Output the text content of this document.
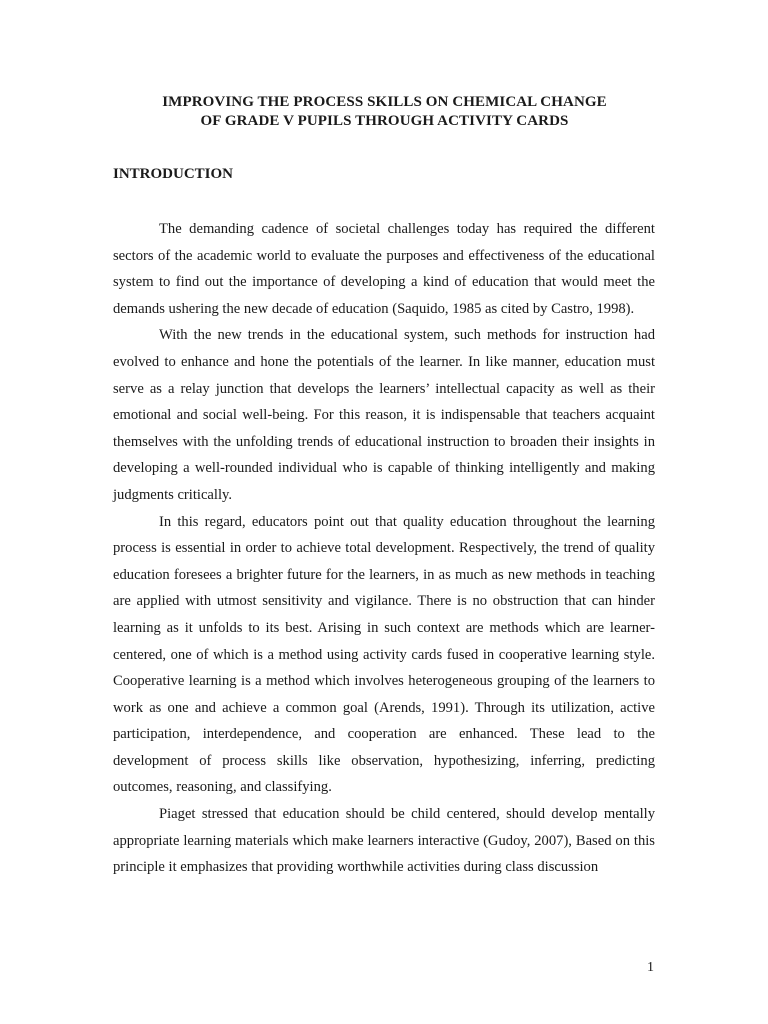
IMPROVING THE PROCESS SKILLS ON CHEMICAL CHANGE
OF GRADE V PUPILS THROUGH ACTIVITY CARDS
INTRODUCTION

The demanding cadence of societal challenges today has required the different sectors of the academic world to evaluate the purposes and effectiveness of the educational system to find out the importance of developing a kind of education that would meet the demands ushering the new decade of education (Saquido, 1985 as cited by Castro, 1998).

With the new trends in the educational system, such methods for instruction had evolved to enhance and hone the potentials of the learner. In like manner, education must serve as a relay junction that develops the learners’ intellectual capacity as well as their emotional and social well-being. For this reason, it is indispensable that teachers acquaint themselves with the unfolding trends of educational instruction to broaden their insights in developing a well-rounded individual who is capable of thinking intelligently and making judgments critically.

In this regard, educators point out that quality education throughout the learning process is essential in order to achieve total development. Respectively, the trend of quality education foresees a brighter future for the learners, in as much as new methods in teaching are applied with utmost sensitivity and vigilance. There is no obstruction that can hinder learning as it unfolds to its best. Arising in such context are methods which are learner-centered, one of which is a method using activity cards fused in cooperative learning style. Cooperative learning is a method which involves heterogeneous grouping of the learners to work as one and achieve a common goal (Arends, 1991). Through its utilization, active participation, interdependence, and cooperation are enhanced. These lead to the development of process skills like observation, hypothesizing, inferring, predicting outcomes, reasoning, and classifying.

Piaget stressed that education should be child centered, should develop mentally appropriate learning materials which make learners interactive (Gudoy, 2007), Based on this principle it emphasizes that providing worthwhile activities during class discussion

1
